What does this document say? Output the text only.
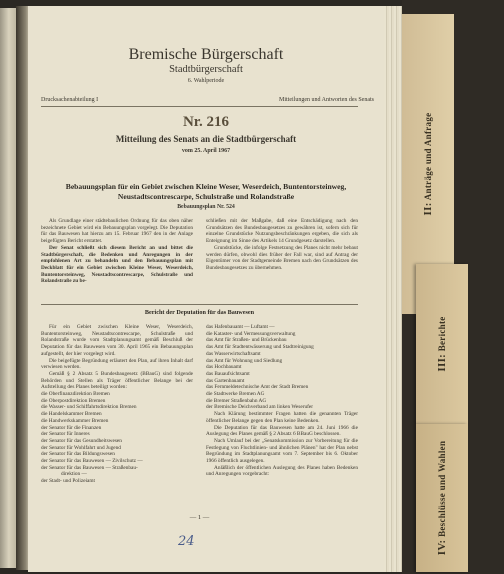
Bremische Bürgerschaft
Stadtbürgerschaft
6. Wahlperiode
Drucksachenabteilung I	Mitteilungen und Antworten des Senats
Nr. 216
Mitteilung des Senats an die Stadtbürgerschaft
vom 25. April 1967
Bebauungsplan für ein Gebiet zwischen Kleine Weser, Weserdeich, Buntentorsteinweg,
Neustadtscontrescarpe, Schulstraße und Rolandstraße
Bebauungsplan Nr. 524
Als Grundlage einer städtebaulichen Ordnung für das oben näher bezeichnete Gebiet wird ein Bebauungsplan vorgelegt. Die Deputation für das Bauwesen hat hierzu am 15. Februar 1967 den in der Anlage beigefügten Bericht erstattet.
Der Senat schließt sich diesem Bericht an und bittet die Stadtbürgerschaft, die Bedenken und Anregungen in der empfohlenen Art zu behandeln und den Bebauungsplan mit Deckblatt für ein Gebiet zwischen Kleine Weser, Weserdeich, Buntentorsteinweg, Neustadtscontrescarpe, Schulstraße und Rolandstraße zu be-
schließen mit der Maßgabe, daß eine Entschädigung nach den Grundsätzen des Bundesbaugesetzes zu gewähren ist, sofern sich für einzelne Grundstücke Nutzungsbeschränkungen ergeben, die sich als Enteignung im Sinne des Artikels 14 Grundgesetz darstellen.
Grundstücke, die infolge Festsetzung des Planes nicht mehr bebaut werden dürfen, obwohl dies früher der Fall war, sind auf Antrag der Eigentümer von der Stadtgemeinde Bremen nach den Grundsätzen des Bundesbaugesetzes zu übernehmen.
Bericht der Deputation für das Bauwesen
Für ein Gebiet zwischen Kleine Weser, Weserdeich, Buntentorsteinweg, Neustadtscontrescarpe, Schulstraße und Rolandstraße wurde vom Stadtplanungsamt gemäß Beschluß der Deputation für das Bauwesen vom 30. April 1965 ein Bebauungsplan aufgestellt, der hier vorgelegt wird.
Die beigefügte Begründung erläutert den Plan, auf ihren Inhalt darf verwiesen werden.
Gemäß § 2 Absatz 5 Bundesbaugesetz (BBauG) sind folgende Behörden und Stellen als Träger öffentlicher Belange bei der Aufstellung des Planes beteiligt worden:
die Oberfinanzdirektion Bremen
die Oberpostdirektion Bremen
die Wasser- und Schiffahrtsdirektion Bremen
die Handelskammer Bremen
die Handwerkskammer Bremen
der Senator für die Finanzen
der Senator für Inneres
der Senator für das Gesundheitswesen
der Senator für Wohlfahrt und Jugend
der Senator für das Bildungswesen
der Senator für das Bauwesen — Zivilschutz —
der Senator für das Bauwesen — Straßenbau-
direktion —
der Stadt- und Polizeiamt
das Hafenbauamt — Luftamt —
die Kataster- und Vermessungsverwaltung
das Amt für Straßen- und Brückenbau
das Amt für Stadtentwässerung und Stadtreinigung
das Wasserwirtschaftsamt
das Amt für Wohnung und Siedlung
das Hochbauamt
das Bauaufsichtsamt
das Gartenbauamt
das Fernmeldetechnische Amt der Stadt Bremen
die Stadtwerke Bremen AG
die Bremer Straßenbahn AG
der Bremische Deichverband am linken Weserufer
Nach Klärung bestimmter Fragen hatten die genannten Träger öffentlicher Belange gegen den Plan keine Bedenken.
Die Deputation für das Bauwesen hatte am 24. Juni 1966 die Auslegung des Planes gemäß § 2 Absatz 6 BBauG beschlossen.
Nach Umlauf bei der „Senatskommission zur Vorbereitung für die Festlegung von Fluchtlinien- und ähnlichen Plänen" hat der Plan nebst Begründung im Stadtplanungsamt vom 7. September bis 6. Oktober 1966 öffentlich ausgelegen.
Anläßlich der öffentlichen Auslegung des Planes haben Bedenken und Anregungen vorgebracht:
— 1 —
24
II: Anträge und Anfrage
III: Berichte
IV: Beschlüsse und Wahlen
